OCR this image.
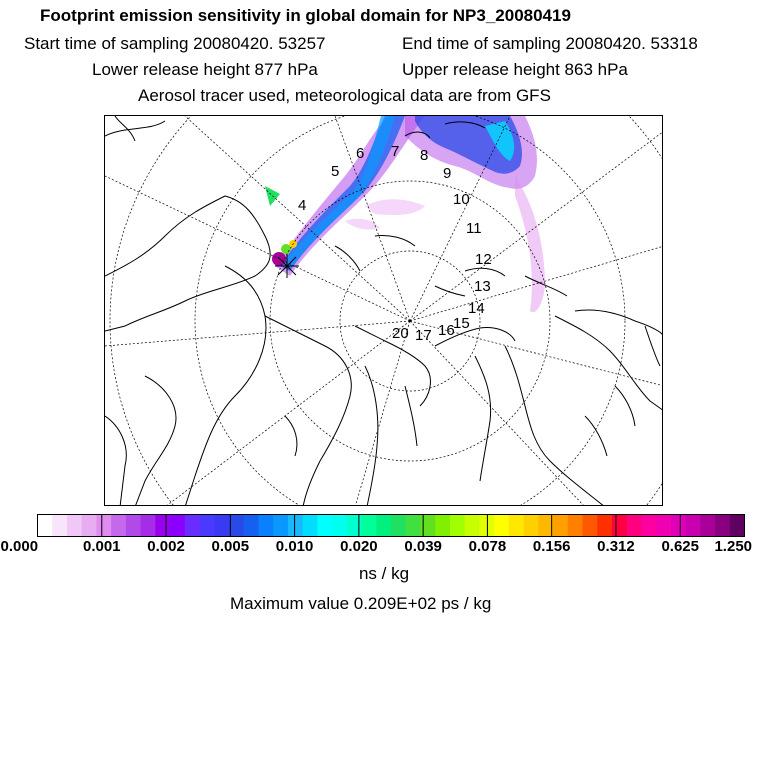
Footprint emission sensitivity in global domain for NP3_20080419
Start time of sampling 20080420. 53257	End time of sampling 20080420. 53318
Lower release height 877 hPa	Upper release height 863 hPa
Aerosol tracer used, meteorological data are from GFS
4
5
6 7 8
9
10
11
12
13
14
15
16
17
20
0.000	0.001 0.002 0.005 0.010 0.020 0.039 0.078 0.156 0.312 0.625 1.250
ns / kg
Maximum value 0.209E+02 ps / kg
